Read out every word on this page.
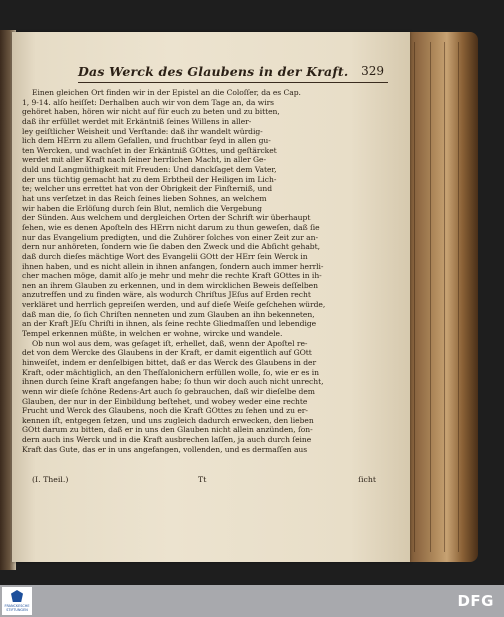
Das Werck des Glaubens in der Kraft. 329
Einen gleichen Ort finden wir in der Epistel an die Coloſſer, da es Cap.
1, 9-14. alſo heiſſet: Derhalben auch wir von dem Tage an, da wirs
gehöret haben, hören wir nicht auf für euch zu beten und zu bitten,
daß ihr erfüllet werdet mit Erkäntniß ſeines Willens in aller-
ley geiſtlicher Weisheit und Verſtande: daß ihr wandelt würdig-
lich dem HErrn zu allem Gefallen, und fruchtbar ſeyd in allen gu-
ten Wercken, und wachſet in der Erkäntniß GOttes, und geſtärcket
werdet mit aller Kraft nach ſeiner herrlichen Macht, in aller Ge-
duld und Langmüthigkeit mit Freuden: Und danckſaget dem Vater,
der uns tüchtig gemacht hat zu dem Erbtheil der Heiligen im Lich-
te; welcher uns errettet hat von der Obrigkeit der Finſterniß, und
hat uns verſetzet in das Reich ſeines lieben Sohnes, an welchem
wir haben die Erlöſung durch ſein Blut, nemlich die Vergebung
der Sünden. Aus welchem und dergleichen Orten der Schrift wir überhaupt
ſehen, wie es denen Apoſteln des HErrn nicht darum zu thun geweſen, daß ſie
nur das Evangelium predigten, und die Zuhörer ſolches von einer Zeit zur an-
dern nur anhöreten, ſondern wie ſie daben den Zweck und die Abſicht gehabt,
daß durch dieſes mächtige Wort des Evangelii GOtt der HErr ſein Werck in
ihnen haben, und es nicht allein in ihnen anfangen, ſondern auch immer herrli-
cher machen möge, damit alſo je mehr und mehr die rechte Kraft GOttes in ih-
nen an ihrem Glauben zu erkennen, und in dem wircklichen Beweis deſſelben
anzutreffen und zu finden wäre, als wodurch Chriſtus JEſus auf Erden recht
verkläret und herrlich gepreiſen werden, und auf dieſe Weiſe geſchehen würde,
daß man die, ſo ſich Chriſten nenneten und zum Glauben an ihn bekenneten,
an der Kraft JEſu Chriſti in ihnen, als ſeine rechte Gliedmaſſen und lebendige
Tempel erkennen müßte, in welchen er wohne, wircke und wandele.
Ob nun wol aus dem, was geſaget iſt, erhellet, daß, wenn der Apoſtel re-
det von dem Wercke des Glaubens in der Kraft, er damit eigentlich auf GOtt
hinweiſet, indem er denſelbigen bittet, daß er das Werck des Glaubens in der
Kraft, oder mächtiglich, an den Theſſalonichern erfüllen wolle, ſo, wie er es in
ihnen durch ſeine Kraft angefangen habe; ſo thun wir doch auch nicht unrecht,
wenn wir dieſe ſchöne Redens-Art auch ſo gebrauchen, daß wir dieſelbe dem
Glauben, der nur in der Einbildung beſtehet, und wobey weder eine rechte
Frucht und Werck des Glaubens, noch die Kraft GOttes zu ſehen und zu er-
kennen iſt, entgegen ſetzen, und uns zugleich dadurch erwecken, den lieben
GOtt darum zu bitten, daß er in uns den Glauben nicht allein anzünden, ſon-
dern auch ins Werck und in die Kraft ausbrechen laſſen, ja auch durch ſeine
Kraft das Gute, das er in uns angefangen, vollenden, und es dermaſſen aus
(I. Theil.)	Tt	ſicht
FRANCKESCHE
STIFTUNGEN	DFG
